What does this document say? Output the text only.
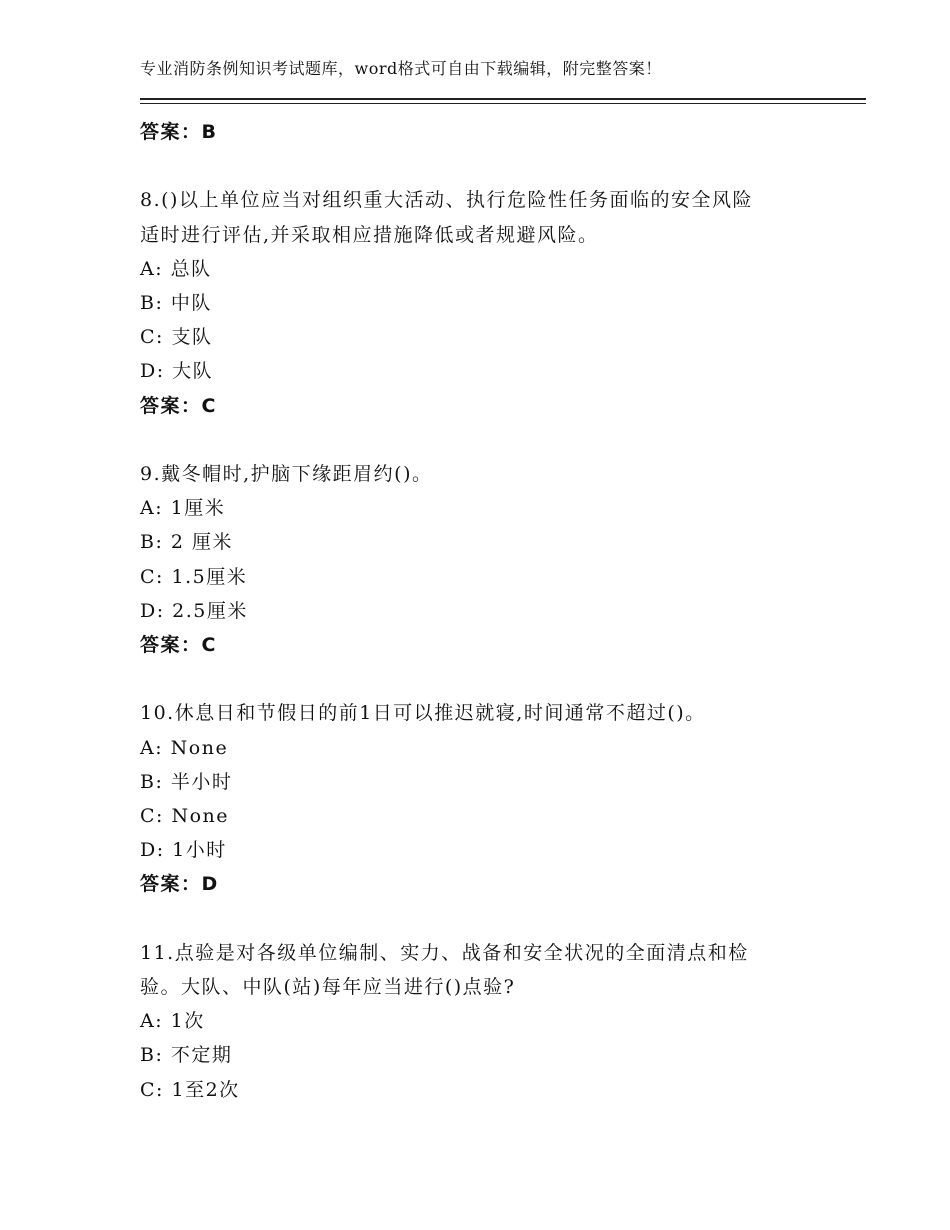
专业消防条例知识考试题库，word格式可自由下载编辑，附完整答案！
答案：B
8.()以上单位应当对组织重大活动、执行危险性任务面临的安全风险
适时进行评估,并采取相应措施降低或者规避风险。
A: 总队
B: 中队
C: 支队
D: 大队
答案：C
9.戴冬帽时,护脑下缘距眉约()。
A: 1厘米
B: 2 厘米
C: 1.5厘米
D: 2.5厘米
答案：C
10.休息日和节假日的前1日可以推迟就寝,时间通常不超过()。
A: None
B: 半小时
C: None
D: 1小时
答案：D
11.点验是对各级单位编制、实力、战备和安全状况的全面清点和检
验。大队、中队(站)每年应当进行()点验?
A: 1次
B: 不定期
C: 1至2次
